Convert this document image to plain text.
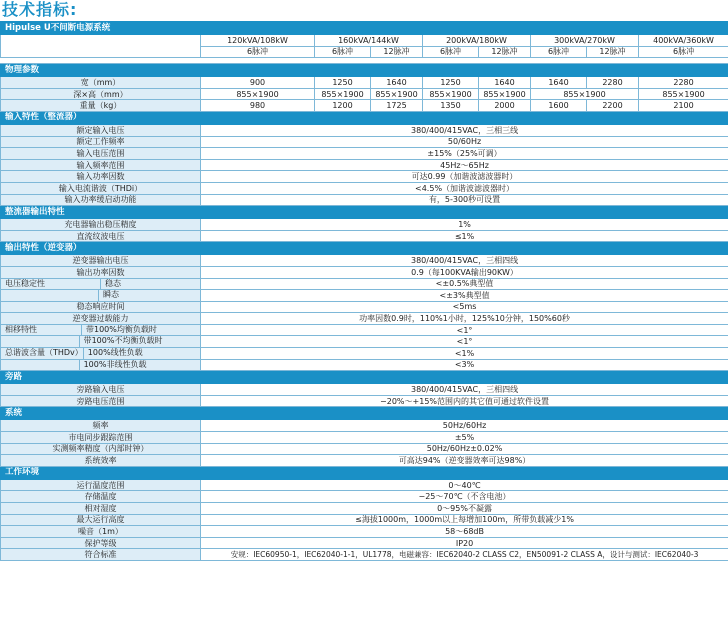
技术指标:
Hipulse U不间断电源系统									
	120kVA/108kW	160kVA/144kW		200kVA/180kW		300kVA/270kW		400kVA/360kW	
	6脉冲	6脉冲	12脉冲	6脉冲	12脉冲	6脉冲	12脉冲	6脉冲	

物理参数									
宽（mm）	900	1250	1640	1250	1640	1640	2280	2280	
深×高（mm）	855×1900	855×1900	855×1900	855×1900	855×1900	855×1900		855×1900	
重量（kg）	980	1200	1725	1350	2000	1600	2200	2100
输入特性（整流器）									
额定输入电压	380/400/415VAC，三相三线								
额定工作频率	50/60Hz								
输入电压范围	±15%（25%可调）								
输入频率范围	45Hz～65Hz								
输入功率因数	可达0.99（加谐波滤波器时）								
输入电流谐波（THDi）	<4.5%（加谐波滤波器时）								
输入功率缓启动功能	有，5-300秒可设置								
整流器输出特性									
充电器输出稳压精度	1%								
直流纹波电压	≤1%								
输出特性（逆变器）									
逆变器输出电压	380/400/415VAC，三相四线								
输出功率因数	0.9（每100KVA输出90KW）								

电压稳定性 稳态	<±0.5%典型值								

瞬态	<±3%典型值								
稳态响应时间	<5ms								
逆变器过载能力	功率因数0.9时，110%1小时，125%10分钟，150%60秒								

相移特性 带100%均衡负载时	<1°								

带100%不均衡负载时	<1°								

总谐波含量（THDv） 100%线性负载	<1%								

100%非线性负载	<3%								
旁路									
旁路输入电压	380/400/415VAC，三相四线								
旁路电压范围	−20%～+15%范围内的其它值可通过软件设置								
系统									
频率	50Hz/60Hz								
市电同步跟踪范围	±5%								
实测频率精度（内部时钟）	50Hz/60Hz±0.02%								
系统效率	可高达94%（逆变器效率可达98%）								
工作环境									
运行温度范围	0～40℃								
存储温度	−25～70℃（不含电池）								
相对湿度	0～95%不凝露								
最大运行高度	≤海拔1000m，1000m以上每增加100m，所带负载减少1%								
噪音（1m）	58～68dB								
保护等级	IP20								
符合标准	安规：IEC60950-1，IEC62040-1-1，UL1778，电磁兼容：IEC62040-2 CLASS C2，EN50091-2 CLASS A，设计与测试：IEC62040-3								
